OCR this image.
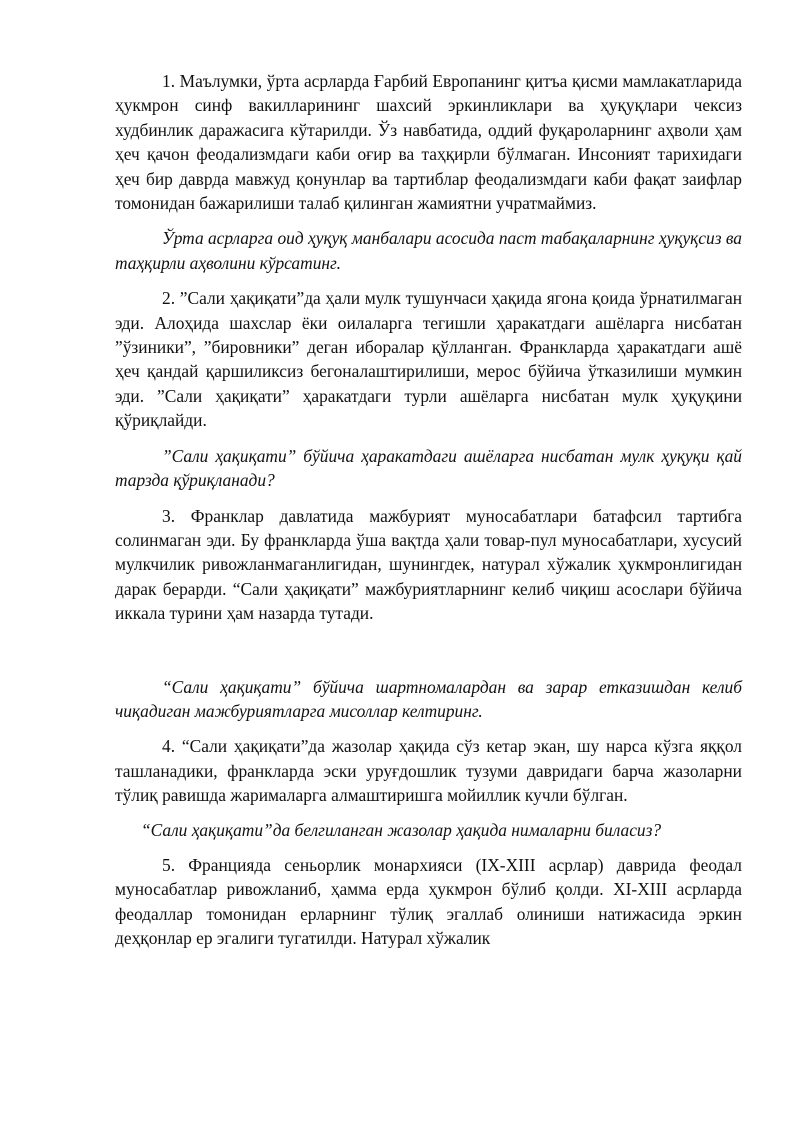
1. Маълумки, ўрта асрларда Ғарбий Европанинг қитъа қисми мамлакатларида ҳукмрон синф вакилларининг шахсий эркинликлари ва ҳуқуқлари чексиз худбинлик даражасига кўтарилди. Ўз навбатида, оддий фуқароларнинг аҳволи ҳам ҳеч қачон феодализмдаги каби оғир ва таҳқирли бўлмаган. Инсоният тарихидаги ҳеч бир даврда мавжуд қонунлар ва тартиблар феодализмдаги каби фақат заифлар томонидан бажарилиши талаб қилинган жамиятни учратмаймиз.

Ўрта асрларга оид ҳуқуқ манбалари асосида паст табақаларнинг ҳуқуқсиз ва таҳқирли аҳволини кўрсатинг.

2. ”Сали ҳақиқати”да ҳали мулк тушунчаси ҳақида ягона қоида ўрнатилмаган эди. Алоҳида шахслар ёки оилаларга тегишли ҳаракатдаги ашёларга нисбатан ”ўзиники”, ”бировники” деган иборалар қўлланган. Франкларда ҳаракатдаги ашё ҳеч қандай қаршиликсиз бегоналаштирилиши, мерос бўйича ўтказилиши мумкин эди. ”Сали ҳақиқати” ҳаракатдаги турли ашёларга нисбатан мулк ҳуқуқини қўриқлайди.

”Сали ҳақиқати” бўйича ҳаракатдаги ашёларга нисбатан мулк ҳуқуқи қай тарзда қўриқланади?

3. Франклар давлатида мажбурият муносабатлари батафсил тартибга солинмаган эди. Бу франкларда ўша вақтда ҳали товар-пул муносабатлари, хусусий мулкчилик ривожланмаганлигидан, шунингдек, натурал хўжалик ҳукмронлигидан дарак берарди. “Сали ҳақиқати” мажбуриятларнинг келиб чиқиш асослари бўйича иккала турини ҳам назарда тутади.

“Сали ҳақиқати” бўйича шартномалардан ва зарар етказишдан келиб чиқадиган мажбуриятларга мисоллар келтиринг.

4. “Сали ҳақиқати”да жазолар ҳақида сўз кетар экан, шу нарса кўзга яққол ташланадики, франкларда эски уруғдошлик тузуми давридаги барча жазоларни тўлиқ равишда жарималарга алмаштиришга мойиллик кучли бўлган.

“Сали ҳақиқати”да белгиланган жазолар ҳақида нималарни биласиз?

5. Францияда сеньорлик монархияси (IX-XIII асрлар) даврида феодал муносабатлар ривожланиб, ҳамма ерда ҳукмрон бўлиб қолди. XI-XIII асрларда феодаллар томонидан ерларнинг тўлиқ эгаллаб олиниши натижасида эркин деҳқонлар ер эгалиги тугатилди. Натурал хўжалик
